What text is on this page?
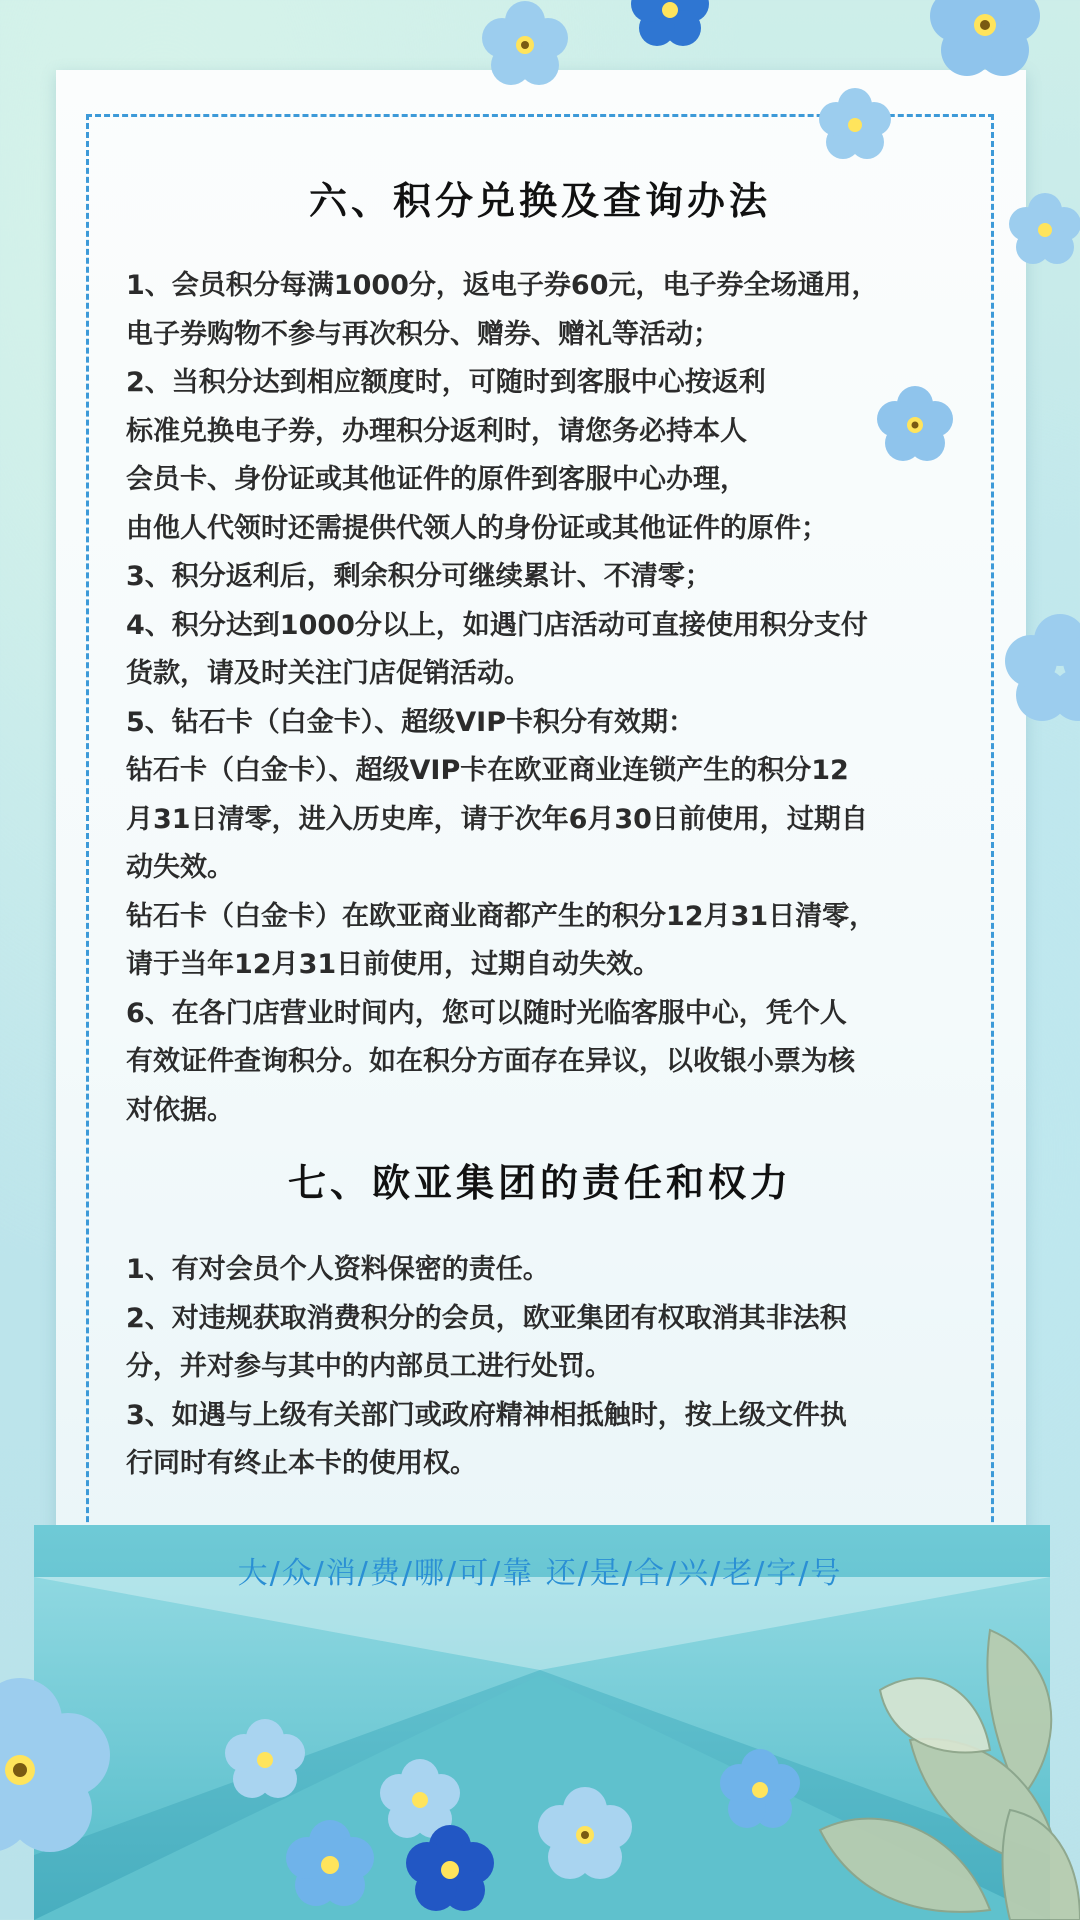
六、积分兑换及查询办法

1、会员积分每满1000分，返电子券60元，电子券全场通用，

电子券购物不参与再次积分、赠券、赠礼等活动；

2、当积分达到相应额度时，可随时到客服中心按返利

标准兑换电子券，办理积分返利时，请您务必持本人

会员卡、身份证或其他证件的原件到客服中心办理，

由他人代领时还需提供代领人的身份证或其他证件的原件；

3、积分返利后，剩余积分可继续累计、不清零；

4、积分达到1000分以上，如遇门店活动可直接使用积分支付

货款，请及时关注门店促销活动。

5、钻石卡（白金卡）、超级VIP卡积分有效期：

钻石卡（白金卡）、超级VIP卡在欧亚商业连锁产生的积分12

月31日清零，进入历史库，请于次年6月30日前使用，过期自

动失效。

钻石卡（白金卡）在欧亚商业商都产生的积分12月31日清零，

请于当年12月31日前使用，过期自动失效。

6、在各门店营业时间内，您可以随时光临客服中心，凭个人

有效证件查询积分。如在积分方面存在异议，以收银小票为核

对依据。

七、欧亚集团的责任和权力

1、有对会员个人资料保密的责任。

2、对违规获取消费积分的会员，欧亚集团有权取消其非法积

分，并对参与其中的内部员工进行处罚。

3、如遇与上级有关部门或政府精神相抵触时，按上级文件执

行同时有终止本卡的使用权。

大/众/消/费/哪/可/靠 还/是/合/兴/老/字/号
